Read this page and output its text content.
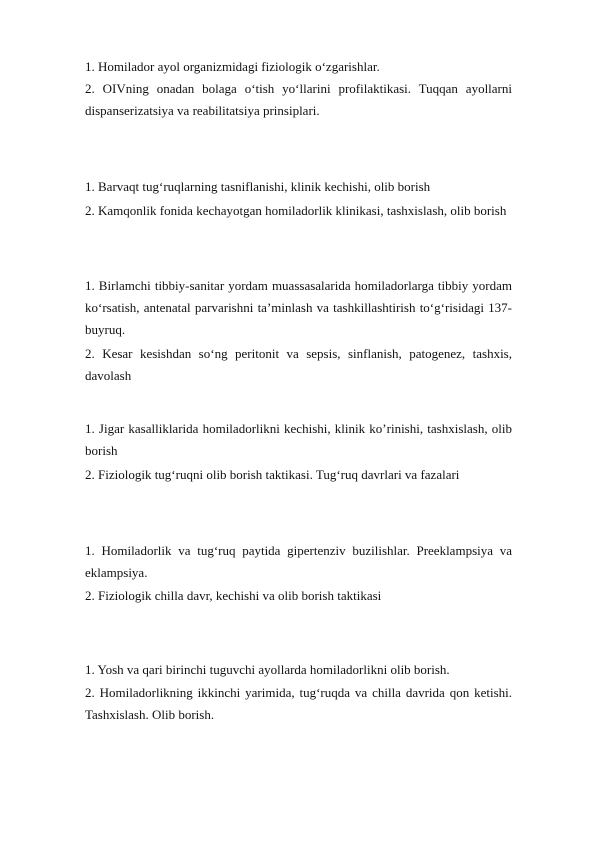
1. Homilador ayol organizmidagi fiziologik o‘zgarishlar.

2. OIVning onadan bolaga o‘tish yo‘llarini profilaktikasi. Tuqqan ayollarni dispanserizatsiya va reabilitatsiya prinsiplari.

1. Barvaqt tug‘ruqlarning tasniflanishi, klinik kechishi, olib borish

2. Kamqonlik fonida kechayotgan homiladorlik klinikasi, tashxislash, olib borish

1. Birlamchi tibbiy-sanitar yordam muassasalarida homiladorlarga tibbiy yordam ko‘rsatish, antenatal parvarishni ta’minlash va tashkillashtirish to‘g‘risidagi 137-buyruq.

2. Kesar kesishdan so‘ng peritonit va sepsis, sinflanish, patogenez, tashxis, davolash

1. Jigar kasalliklarida homiladorlikni kechishi, klinik ko’rinishi, tashxislash, olib borish

2. Fiziologik tug‘ruqni olib borish taktikasi. Tug‘ruq davrlari va fazalari

1. Homiladorlik va tug‘ruq paytida gipertenziv buzilishlar. Preeklampsiya va eklampsiya.

2. Fiziologik chilla davr, kechishi va olib borish taktikasi

1. Yosh va qari birinchi tuguvchi ayollarda homiladorlikni olib borish.

2. Homiladorlikning ikkinchi yarimida, tug‘ruqda va chilla davrida qon ketishi. Tashxislash. Olib borish.
